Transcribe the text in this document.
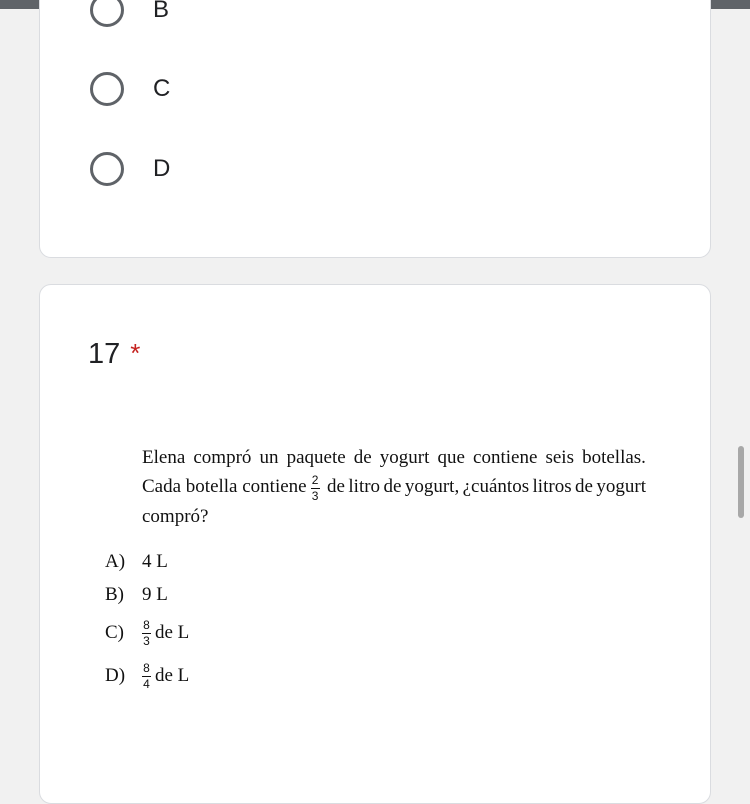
B
C
D
17 *
Elena compró un paquete de yogurt que contiene seis botellas.
Cada botella contiene $\frac{2}{3}$ de litro de yogurt, ¿cuántos litros de yogurt
compró?
A) 4 L
B) 9 L
C)	$\frac{8}{3}$ de L
D)	$\frac{8}{4}$ de L
